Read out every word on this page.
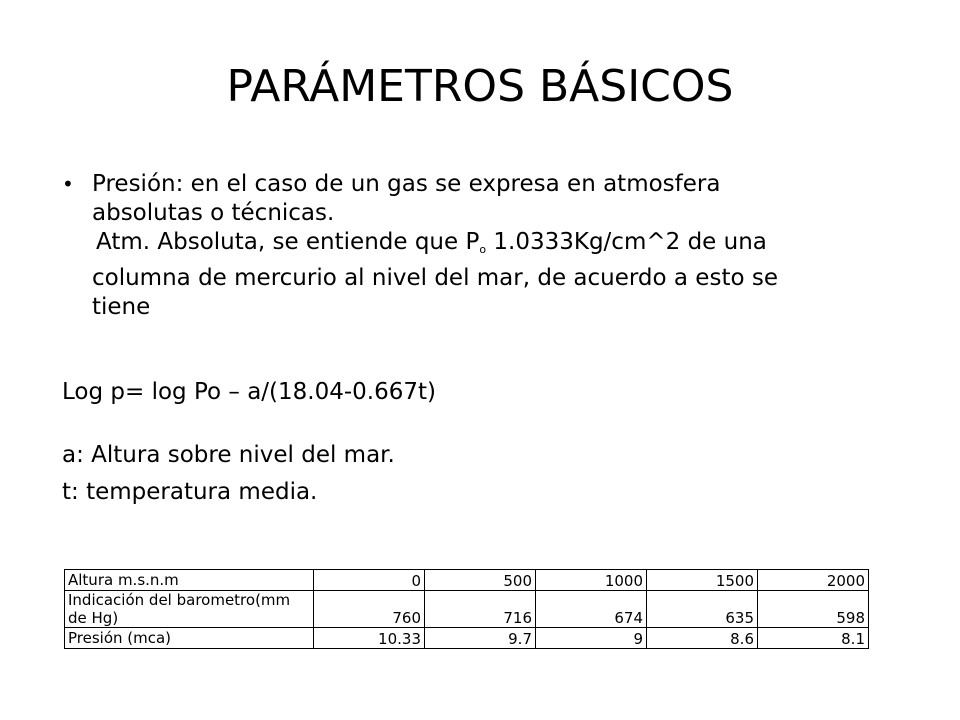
PARÁMETROS BÁSICOS
• Presión: en el caso de un gas se expresa en atmosfera
absolutas o técnicas.
Atm. Absoluta, se entiende que $P_o$ 1.0333Kg/cm^2 de una
columna de mercurio al nivel del mar, de acuerdo a esto se
tiene
Log p= log Po – a/(18.04-0.667t)
a: Altura sobre nivel del mar.
t: temperatura media.
Altura m.s.n.m	0	500	1000	1500	2000

Indicación del barometro(mm
de Hg)	760	716	674	635	598
Presión (mca)	10.33	9.7	9	8.6	8.1
